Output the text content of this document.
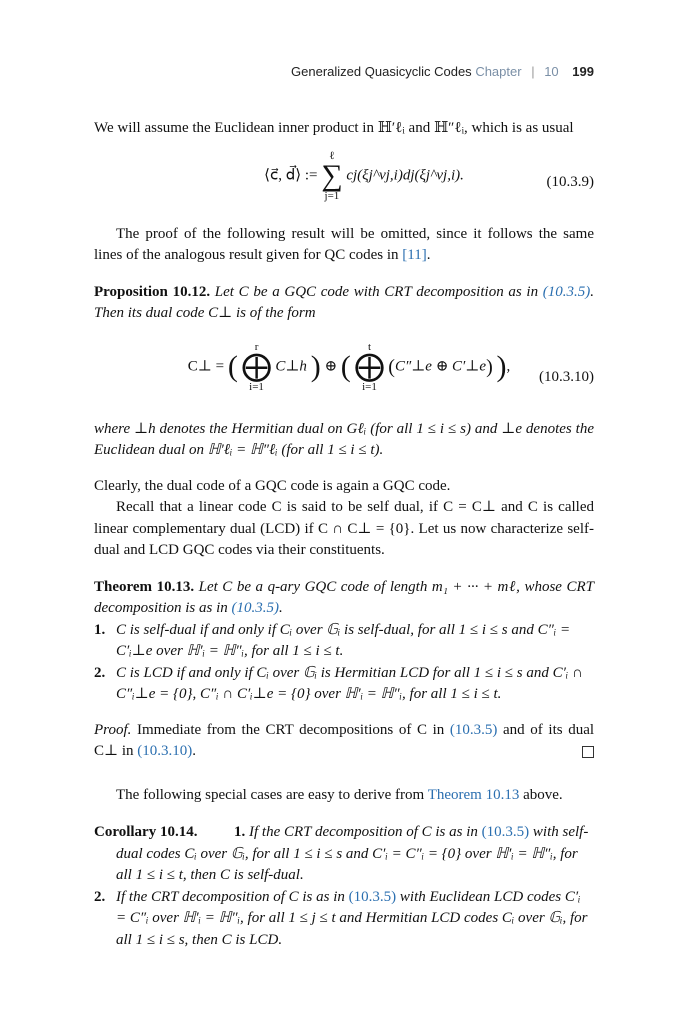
Generalized Quasicyclic Codes Chapter | 10 199

We will assume the Euclidean inner product in ℍ′ℓᵢ and ℍ″ℓᵢ, which is as usual

⟨c⃗, d⃗⟩ := ℓ
∑
j=1 cj(ξj^vj,i)dj(ξj^vj,i).	(10.3.9)

The proof of the following result will be omitted, since it follows the same lines of the analogous result given for QC codes in [11].

Proposition 10.12. Let C be a GQC code with CRT decomposition as in (10.3.5). Then its dual code C⊥ is of the form

C⊥ = ( r
⨁
i=1 C⊥h ) ⊕ ( t
⨁
i=1 (C″⊥e ⊕ C′⊥e) ),
(10.3.10)

where ⊥h denotes the Hermitian dual on Gℓᵢ (for all 1 ≤ i ≤ s) and ⊥e denotes the Euclidean dual on ℍ′ℓᵢ = ℍ″ℓᵢ (for all 1 ≤ i ≤ t).

Clearly, the dual code of a GQC code is again a GQC code.

Recall that a linear code C is said to be self dual, if C = C⊥ and C is called linear complementary dual (LCD) if C ∩ C⊥ = {0}. Let us now characterize self-dual and LCD GQC codes via their constituents.

Theorem 10.13. Let C be a q-ary GQC code of length m₁ + ··· + mℓ, whose CRT decomposition is as in (10.3.5).

1. C is self-dual if and only if Cᵢ over 𝔾ᵢ is self-dual, for all 1 ≤ i ≤ s and C″ᵢ = C′ᵢ⊥e over ℍ′ᵢ = ℍ″ᵢ, for all 1 ≤ i ≤ t.
2. C is LCD if and only if Cᵢ over 𝔾ᵢ is Hermitian LCD for all 1 ≤ i ≤ s and C′ᵢ ∩ C″ᵢ⊥e = {0}, C″ᵢ ∩ C′ᵢ⊥e = {0} over ℍ′ᵢ = ℍ″ᵢ, for all 1 ≤ i ≤ t.

Proof. Immediate from the CRT decompositions of C in (10.3.5) and of its dual C⊥ in (10.3.10).

The following special cases are easy to derive from Theorem 10.13 above.

Corollary 10.14. 1. If the CRT decomposition of C is as in (10.3.5) with self-dual codes Cᵢ over 𝔾ᵢ, for all 1 ≤ i ≤ s and C′ᵢ = C″ᵢ = {0} over ℍ′ᵢ = ℍ″ᵢ, for all 1 ≤ i ≤ t, then C is self-dual.
2. If the CRT decomposition of C is as in (10.3.5) with Euclidean LCD codes C′ᵢ = C″ᵢ over ℍ′ᵢ = ℍ″ᵢ, for all 1 ≤ j ≤ t and Hermitian LCD codes Cᵢ over 𝔾ᵢ, for all 1 ≤ i ≤ s, then C is LCD.
